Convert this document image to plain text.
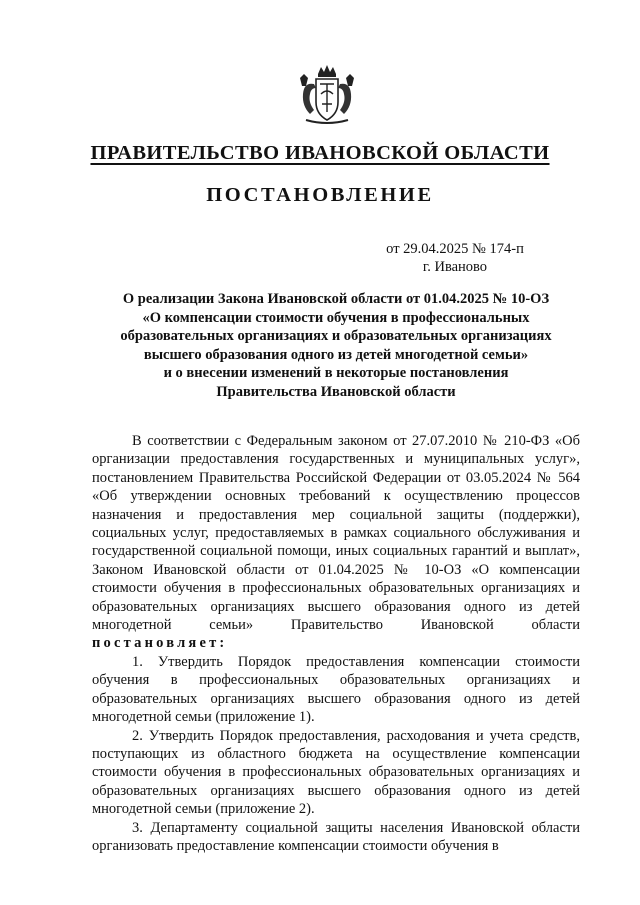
ПРАВИТЕЛЬСТВО ИВАНОВСКОЙ ОБЛАСТИ
ПОСТАНОВЛЕНИЕ
от 29.04.2025 № 174-п
г. Иваново
О реализации Закона Ивановской области от 01.04.2025 № 10-ОЗ
«О компенсации стоимости обучения в профессиональных
образовательных организациях и образовательных организациях
высшего образования одного из детей многодетной семьи»
и о внесении изменений в некоторые постановления
Правительства Ивановской области

В соответствии с Федеральным законом от 27.07.2010 № 210-ФЗ «Об организации предоставления государственных и муниципальных услуг», постановлением Правительства Российской Федерации от 03.05.2024 № 564 «Об утверждении основных требований к осуществлению процессов назначения и предоставления мер социальной защиты (поддержки), социальных услуг, предоставляемых в рамках социального обслуживания и государственной социальной помощи, иных социальных гарантий и выплат», Законом Ивановской области от 01.04.2025 № 10-ОЗ «О компенсации стоимости обучения в профессиональных образовательных организациях и образовательных организациях высшего образования одного из детей многодетной семьи» Правительство Ивановской области постановляет:

1. Утвердить Порядок предоставления компенсации стоимости обучения в профессиональных образовательных организациях и образовательных организациях высшего образования одного из детей многодетной семьи (приложение 1).

2. Утвердить Порядок предоставления, расходования и учета средств, поступающих из областного бюджета на осуществление компенсации стоимости обучения в профессиональных образовательных организациях и образовательных организациях высшего образования одного из детей многодетной семьи (приложение 2).

3. Департаменту социальной защиты населения Ивановской области организовать предоставление компенсации стоимости обучения в
